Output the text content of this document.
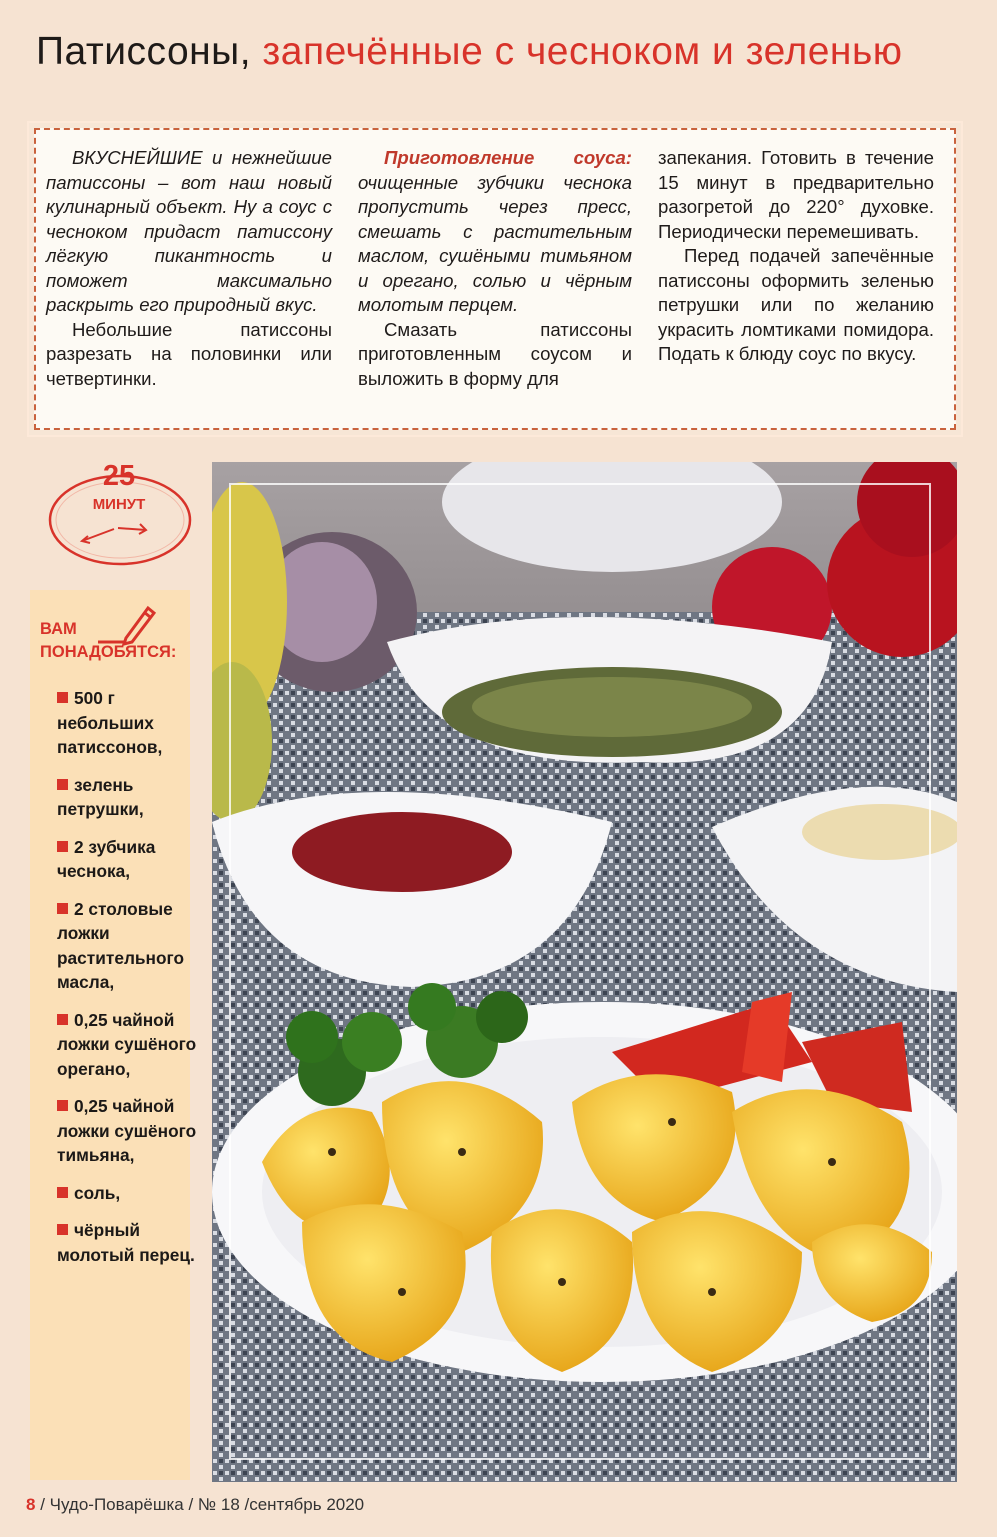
Патиссоны, запечённые с чесноком и зеленью

ВКУСНЕЙШИЕ и нежнейшие патиссоны – вот наш новый кулинарный объект. Ну а соус с чесноком придаст патиссону лёгкую пикантность и поможет максимально раскрыть его природный вкус.

Небольшие патиссоны разрезать на половинки или четвертинки.

Приготовление соуса: очищенные зубчики чеснока пропустить через пресс, смешать с растительным маслом, сушёными тимьяном и орегано, солью и чёрным молотым перцем.

Смазать патиссоны приготовленным соусом и выложить в форму для

запекания. Готовить в течение 15 минут в предварительно разогретой до 220° духовке. Периодически перемешивать.

Перед подачей запечённые патиссоны оформить зеленью петрушки или по желанию украсить ломтиками помидора. Подать к блюду соус по вкусу.

25
МИНУТ
ВАМ
ПОНАДОБЯТСЯ:
500 г небольших патиссонов,
зелень петрушки,
2 зубчика чеснока,
2 столовые ложки растительного масла,
0,25 чайной ложки сушёного орегано,
0,25 чайной ложки сушёного тимьяна,
соль,
чёрный молотый перец.
8 / Чудо-Поварёшка / № 18 /сентябрь 2020
